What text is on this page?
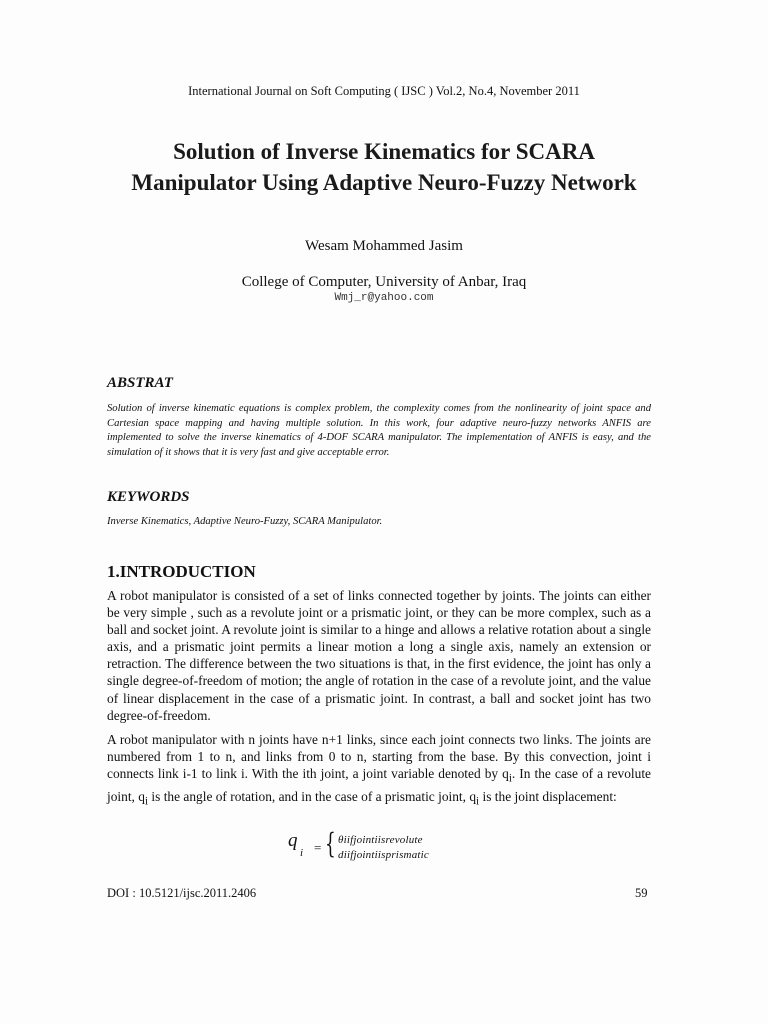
International Journal on Soft Computing ( IJSC ) Vol.2, No.4, November 2011
Solution of Inverse Kinematics for SCARA Manipulator Using Adaptive Neuro-Fuzzy Network
Wesam Mohammed Jasim
College of Computer, University of Anbar, Iraq
Wmj_r@yahoo.com
ABSTRAT
Solution of inverse kinematic equations is complex problem, the complexity comes from the nonlinearity of joint space and Cartesian space mapping and having multiple solution. In this work, four adaptive neuro-fuzzy networks ANFIS are implemented to solve the inverse kinematics of 4-DOF SCARA manipulator. The implementation of ANFIS is easy, and the simulation of it shows that it is very fast and give acceptable error.
KEYWORDS
Inverse Kinematics, Adaptive Neuro-Fuzzy, SCARA Manipulator.
1.INTRODUCTION
A robot manipulator is consisted of a set of links connected together by joints. The joints can either be very simple , such as a revolute joint or a prismatic joint, or they can be more complex, such as a ball and socket joint. A revolute joint is similar to a hinge and allows a relative rotation about a single axis, and a prismatic joint permits a linear motion a long a single axis, namely an extension or retraction. The difference between the two situations is that, in the first evidence, the joint has only a single degree-of-freedom of motion; the angle of rotation in the case of a revolute joint, and the value of linear displacement in the case of a prismatic joint. In contrast, a ball and socket joint has two degree-of-freedom.
A robot manipulator with n joints have n+1 links, since each joint connects two links. The joints are numbered from 1 to n, and links from 0 to n, starting from the base. By this convection, joint i connects link i-1 to link i. With the ith joint, a joint variable denoted by $q_i$. In the case of a revolute joint, $q_i$ is the angle of rotation, and in the case of a prismatic joint, $q_i$ is the joint displacement:
q
i = { θiifjointiisrevolute
diifjointiisprismatic
DOI : 10.5121/ijsc.2011.2406	59
